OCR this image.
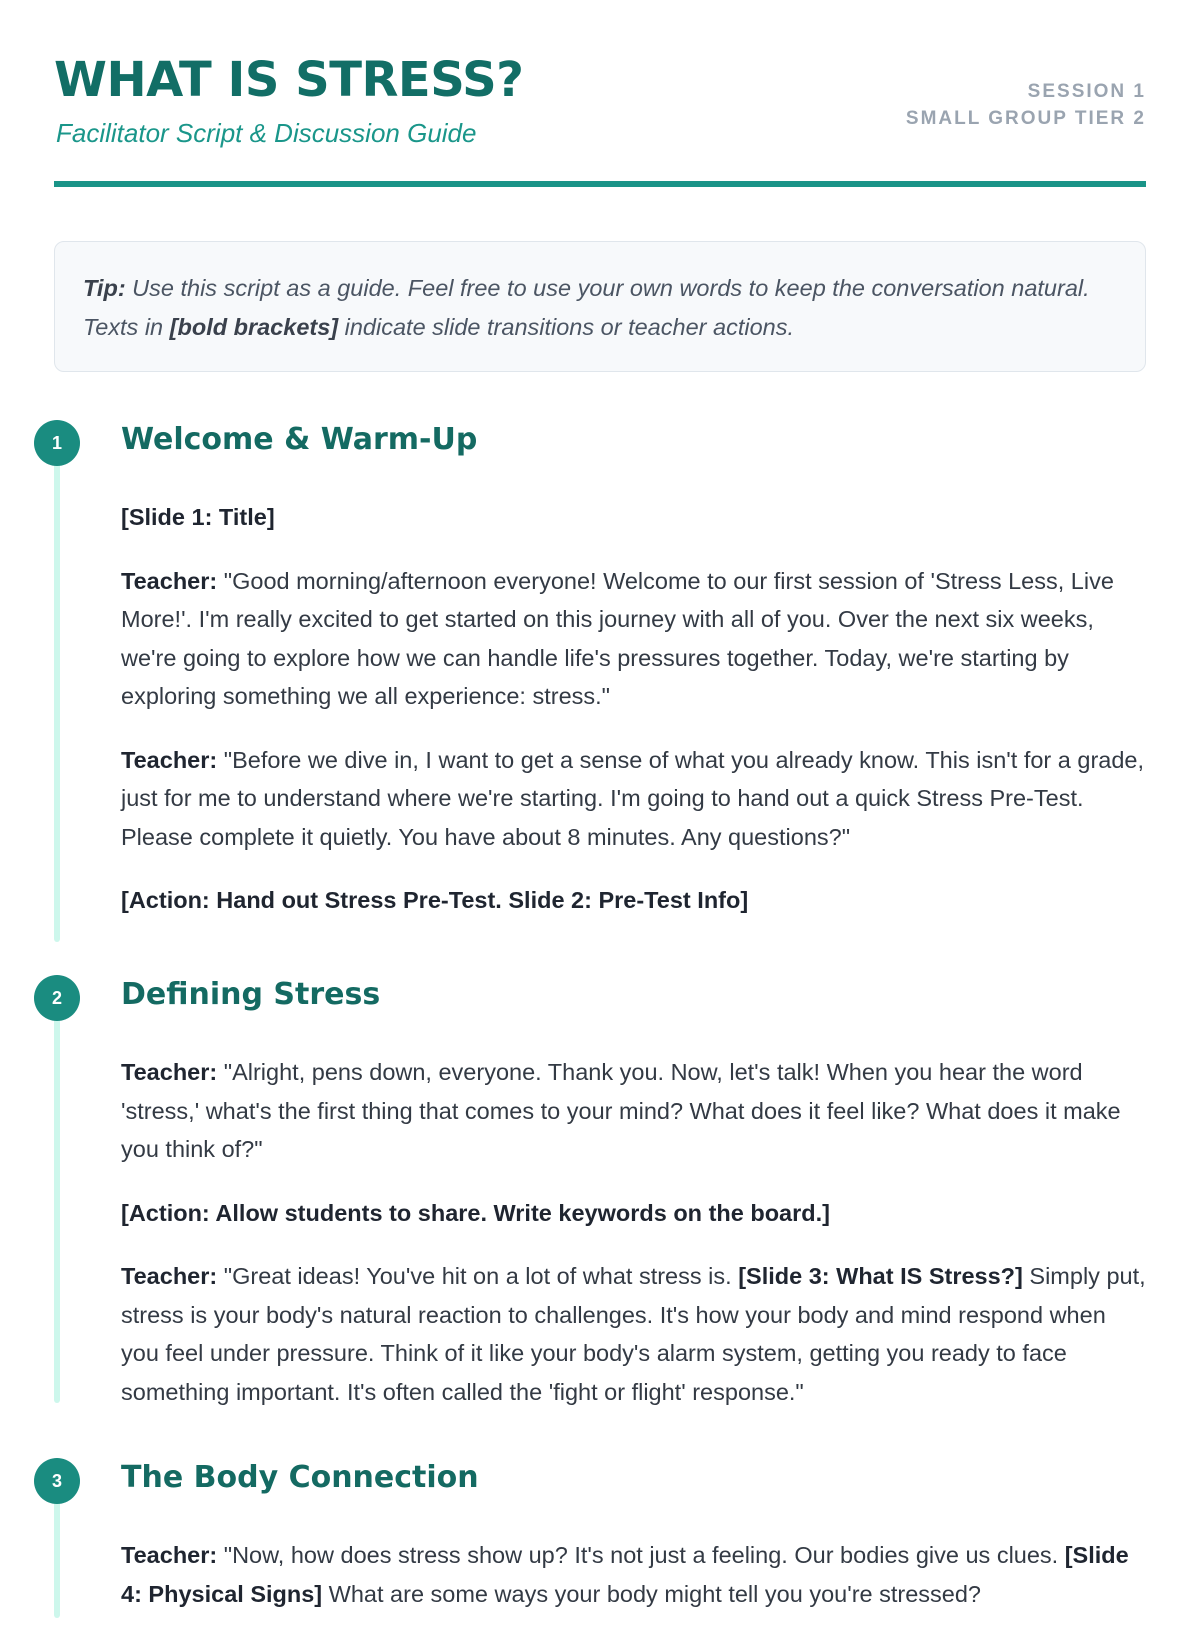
WHAT IS STRESS?

Facilitator Script & Discussion Guide

SESSION 1
SMALL GROUP TIER 2
Tip: Use this script as a guide. Feel free to use your own words to keep the conversation natural. Texts in [bold brackets] indicate slide transitions or teacher actions.
1	Welcome & Warm-Up

[Slide 1: Title]

Teacher: "Good morning/afternoon everyone! Welcome to our first session of 'Stress Less, Live More!'. I'm really excited to get started on this journey with all of you. Over the next six weeks, we're going to explore how we can handle life's pressures together. Today, we're starting by exploring something we all experience: stress."

Teacher: "Before we dive in, I want to get a sense of what you already know. This isn't for a grade, just for me to understand where we're starting. I'm going to hand out a quick Stress Pre-Test. Please complete it quietly. You have about 8 minutes. Any questions?"

[Action: Hand out Stress Pre-Test. Slide 2: Pre-Test Info]

2	Defining Stress

Teacher: "Alright, pens down, everyone. Thank you. Now, let's talk! When you hear the word 'stress,' what's the first thing that comes to your mind? What does it feel like? What does it make you think of?"

[Action: Allow students to share. Write keywords on the board.]

Teacher: "Great ideas! You've hit on a lot of what stress is. [Slide 3: What IS Stress?] Simply put, stress is your body's natural reaction to challenges. It's how your body and mind respond when you feel under pressure. Think of it like your body's alarm system, getting you ready to face something important. It's often called the 'fight or flight' response."

3	The Body Connection

Teacher: "Now, how does stress show up? It's not just a feeling. Our bodies give us clues. [Slide 4: Physical Signs] What are some ways your body might tell you you're stressed?
